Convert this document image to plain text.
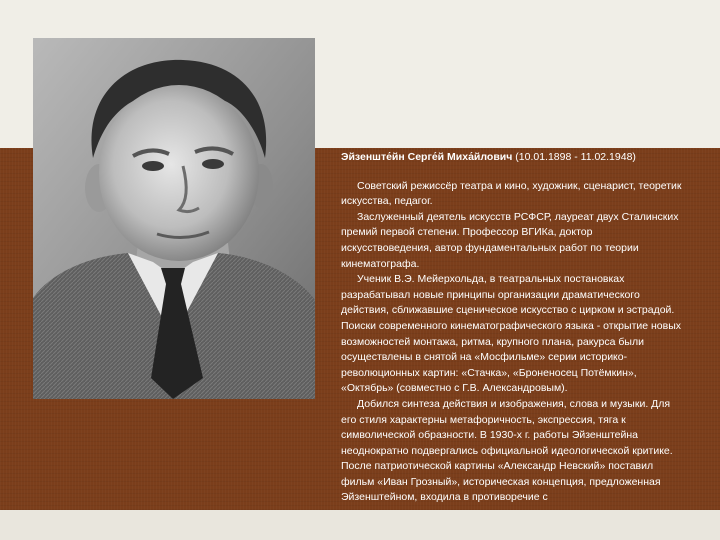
Эйзенште́йн Серге́й Миха́йлович (10.01.1898 - 11.02.1948)

Советский режиссёр театра и кино, художник, сценарист, теоретик искусства, педагог.

Заслуженный деятель искусств РСФСР, лауреат двух Сталинских премий первой степени. Профессор ВГИКа, доктор искусствоведения, автор фундаментальных работ по теории кинематографа.

Ученик В.Э. Мейерхольда, в театральных постановках разрабатывал новые принципы организации драматического действия, сближавшие сценическое искусство с цирком и эстрадой. Поиски современного кинематографического языка - открытие новых возможностей монтажа, ритма, крупного плана, ракурса были осуществлены в снятой на «Мосфильме» серии историко-революционных картин: «Стачка», «Броненосец Потёмкин», «Октябрь» (совместно с Г.В. Александровым).

Добился синтеза действия и изображения, слова и музыки. Для его стиля характерны метафоричность, экспрессия, тяга к символической образности. В 1930-х г. работы Эйзенштейна неоднократно подвергались официальной идеологической критике. После патриотической картины «Александр Невский» поставил фильм «Иван Грозный», историческая концепция, предложенная Эйзенштейном, входила в противоречие с
